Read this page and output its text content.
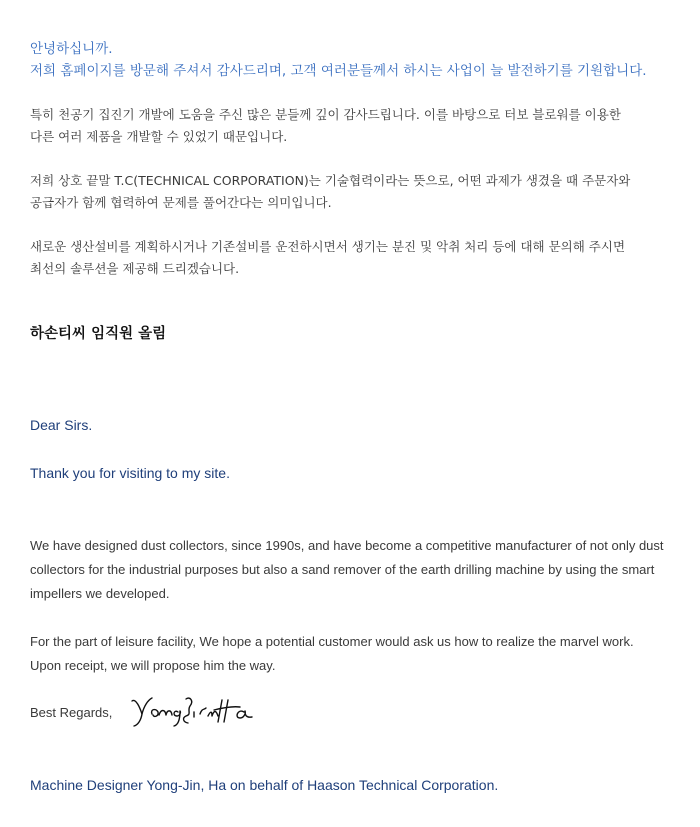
안녕하십니까.
저희 홈페이지를 방문해 주셔서 감사드리며, 고객 여러분들께서 하시는 사업이 늘 발전하기를 기원합니다.
특히 천공기 집진기 개발에 도움을 주신 많은 분들께 깊이 감사드립니다. 이를 바탕으로 터보 블로워를 이용한
다른 여러 제품을 개발할 수 있었기 때문입니다.
저희 상호 끝말 T.C(TECHNICAL CORPORATION)는 기술협력이라는 뜻으로, 어떤 과제가 생겼을 때 주문자와
공급자가 함께 협력하여 문제를 풀어간다는 의미입니다.
새로운 생산설비를 계획하시거나 기존설비를 운전하시면서 생기는 분진 및 악취 처리 등에 대해 문의해 주시면
최선의 솔루션을 제공해 드리겠습니다.
하손티씨 임직원 올림
Dear Sirs.
Thank you for visiting to my site.
We have designed dust collectors, since 1990s, and have become a competitive manufacturer of not only dust
collectors for the industrial purposes but also a sand remover of the earth drilling machine by using the smart
impellers we developed.
For the part of leisure facility, We hope a potential customer would ask us how to realize the marvel work.
Upon receipt, we will propose him the way.
Best Regards,
Machine Designer Yong-Jin, Ha on behalf of Haason Technical Corporation.
